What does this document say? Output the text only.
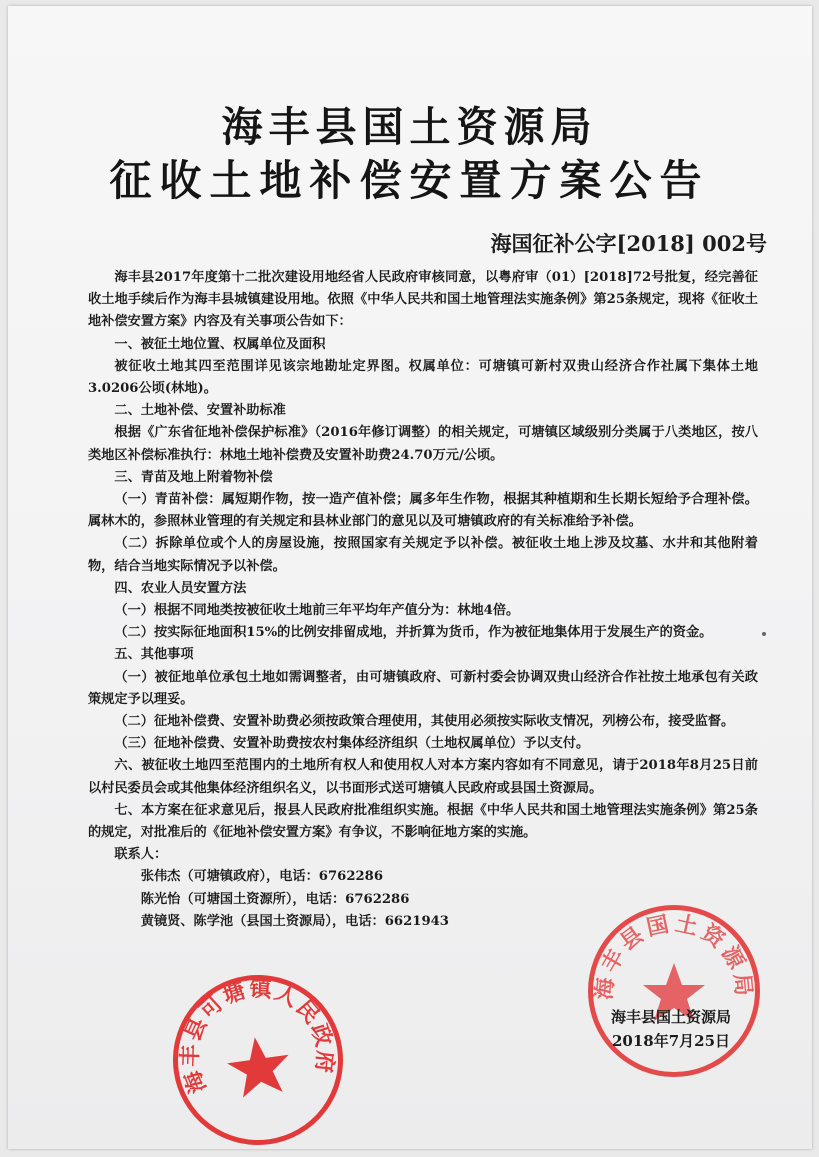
海丰县国土资源局
征收土地补偿安置方案公告
海国征补公字[2018] 002号

海丰县2017年度第十二批次建设用地经省人民政府审核同意，以粤府审（01）[2018]72号批复，经完善征收土地手续后作为海丰县城镇建设用地。依照《中华人民共和国土地管理法实施条例》第25条规定，现将《征收土地补偿安置方案》内容及有关事项公告如下：

一、被征土地位置、权属单位及面积

被征收土地其四至范围详见该宗地勘址定界图。权属单位：可塘镇可新村双贵山经济合作社属下集体土地3.0206公顷(林地)。

二、土地补偿、安置补助标准

根据《广东省征地补偿保护标准》（2016年修订调整）的相关规定，可塘镇区域级别分类属于八类地区，按八类地区补偿标准执行：林地土地补偿费及安置补助费24.70万元/公顷。

三、青苗及地上附着物补偿

（一）青苗补偿：属短期作物，按一造产值补偿；属多年生作物，根据其种植期和生长期长短给予合理补偿。属林木的，参照林业管理的有关规定和县林业部门的意见以及可塘镇政府的有关标准给予补偿。

（二）拆除单位或个人的房屋设施，按照国家有关规定予以补偿。被征收土地上涉及坟墓、水井和其他附着物，结合当地实际情况予以补偿。

四、农业人员安置方法

（一）根据不同地类按被征收土地前三年平均年产值分为：林地4倍。

（二）按实际征地面积15%的比例安排留成地，并折算为货币，作为被征地集体用于发展生产的资金。

五、其他事项

（一）被征地单位承包土地如需调整者，由可塘镇政府、可新村委会协调双贵山经济合作社按土地承包有关政策规定予以理妥。

（二）征地补偿费、安置补助费必须按政策合理使用，其使用必须按实际收支情况，列榜公布，接受监督。

（三）征地补偿费、安置补助费按农村集体经济组织（土地权属单位）予以支付。

六、被征收土地四至范围内的土地所有权人和使用权人对本方案内容如有不同意见，请于2018年8月25日前以村民委员会或其他集体经济组织名义，以书面形式送可塘镇人民政府或县国土资源局。

七、本方案在征求意见后，报县人民政府批准组织实施。根据《中华人民共和国土地管理法实施条例》第25条的规定，对批准后的《征地补偿安置方案》有争议，不影响征地方案的实施。

联系人：

张伟杰（可塘镇政府），电话：6762286

陈光怡（可塘国土资源所），电话：6762286

黄镜贤、陈学池（县国土资源局），电话：6621943

海丰县可塘镇人民政府
海丰县国土资源局
海丰县国土资源局
2018年7月25日
